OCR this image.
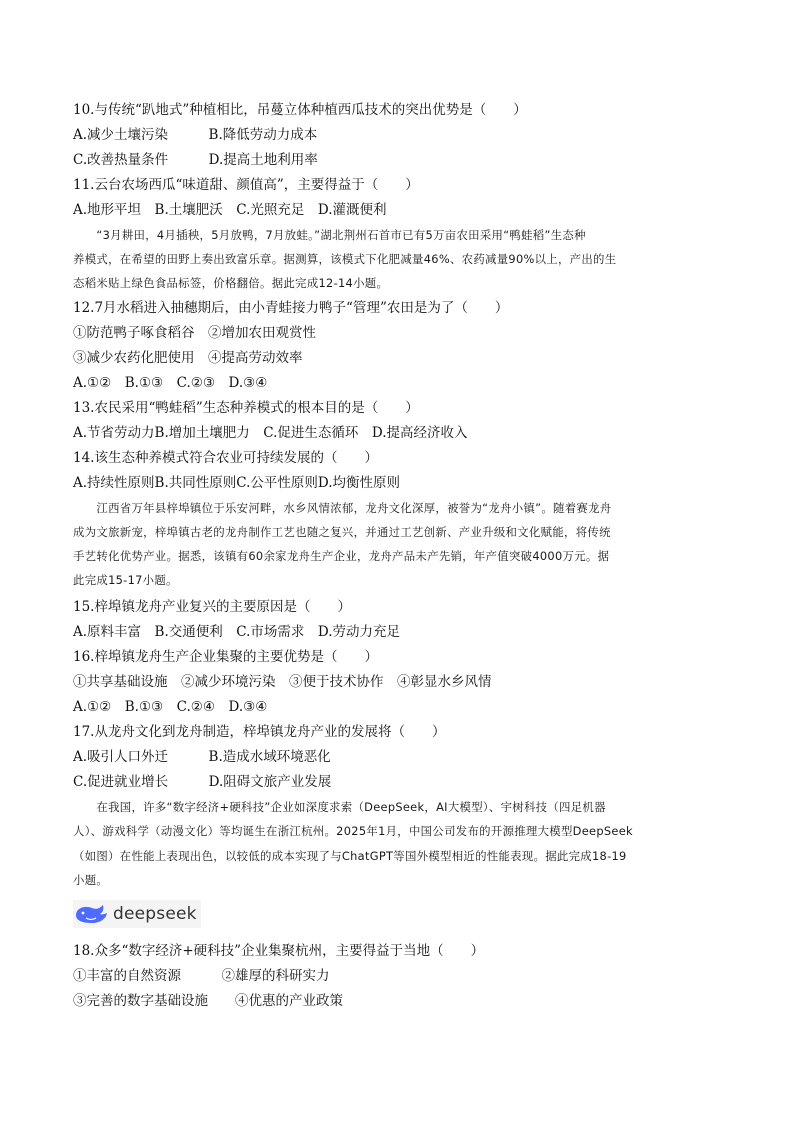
10.与传统“趴地式”种植相比，吊蔓立体种植西瓜技术的突出优势是（　　）
A.减少土壤污染　　　B.降低劳动力成本
C.改善热量条件　　　D.提高土地利用率
11.云台农场西瓜“味道甜、颜值高”，主要得益于（　　）
A.地形平坦　B.土壤肥沃　C.光照充足　D.灌溉便利
　　“3月耕田，4月插秧，5月放鸭，7月放蛙。”湖北荆州石首市已有5万亩农田采用“鸭蛙稻”生态种
养模式，在希望的田野上奏出致富乐章。据测算，该模式下化肥减量46%、农药减量90%以上，产出的生
态稻米贴上绿色食品标签，价格翻倍。据此完成12-14小题。
12.7月水稻进入抽穗期后，由小青蛙接力鸭子“管理”农田是为了（　　）
①防范鸭子啄食稻谷　②增加农田观赏性
③减少农药化肥使用　④提高劳动效率
A.①②　B.①③　C.②③　D.③④
13.农民采用“鸭蛙稻”生态种养模式的根本目的是（　　）
A.节省劳动力B.增加土壤肥力　C.促进生态循环　D.提高经济收入
14.该生态种养模式符合农业可持续发展的（　　）
A.持续性原则B.共同性原则C.公平性原则D.均衡性原则
　　江西省万年县梓埠镇位于乐安河畔，水乡风情浓郁，龙舟文化深厚，被誉为“龙舟小镇”。随着赛龙舟
成为文旅新宠，梓埠镇古老的龙舟制作工艺也随之复兴，并通过工艺创新、产业升级和文化赋能，将传统
手艺转化优势产业。据悉，该镇有60余家龙舟生产企业，龙舟产品未产先销，年产值突破4000万元。据
此完成15-17小题。
15.梓埠镇龙舟产业复兴的主要原因是（　　）
A.原料丰富　B.交通便利　C.市场需求　D.劳动力充足
16.梓埠镇龙舟生产企业集聚的主要优势是（　　）
①共享基础设施　②减少环境污染　③便于技术协作　④彰显水乡风情
A.①②　B.①③　C.②④　D.③④
17.从龙舟文化到龙舟制造，梓埠镇龙舟产业的发展将（　　）
A.吸引人口外迁　　　B.造成水域环境恶化
C.促进就业增长　　　D.阻碍文旅产业发展
　　在我国，许多“数字经济+硬科技”企业如深度求索（DeepSeek，AI大模型）、宇树科技（四足机器
人）、游戏科学（动漫文化）等均诞生在浙江杭州。2025年1月，中国公司发布的开源推理大模型DeepSeek
（如图）在性能上表现出色，以较低的成本实现了与ChatGPT等国外模型相近的性能表现。据此完成18-19
小题。
deepseek
18.众多“数字经济+硬科技”企业集聚杭州，主要得益于当地（　　）
①丰富的自然资源　　　②雄厚的科研实力
③完善的数字基础设施　　④优惠的产业政策
